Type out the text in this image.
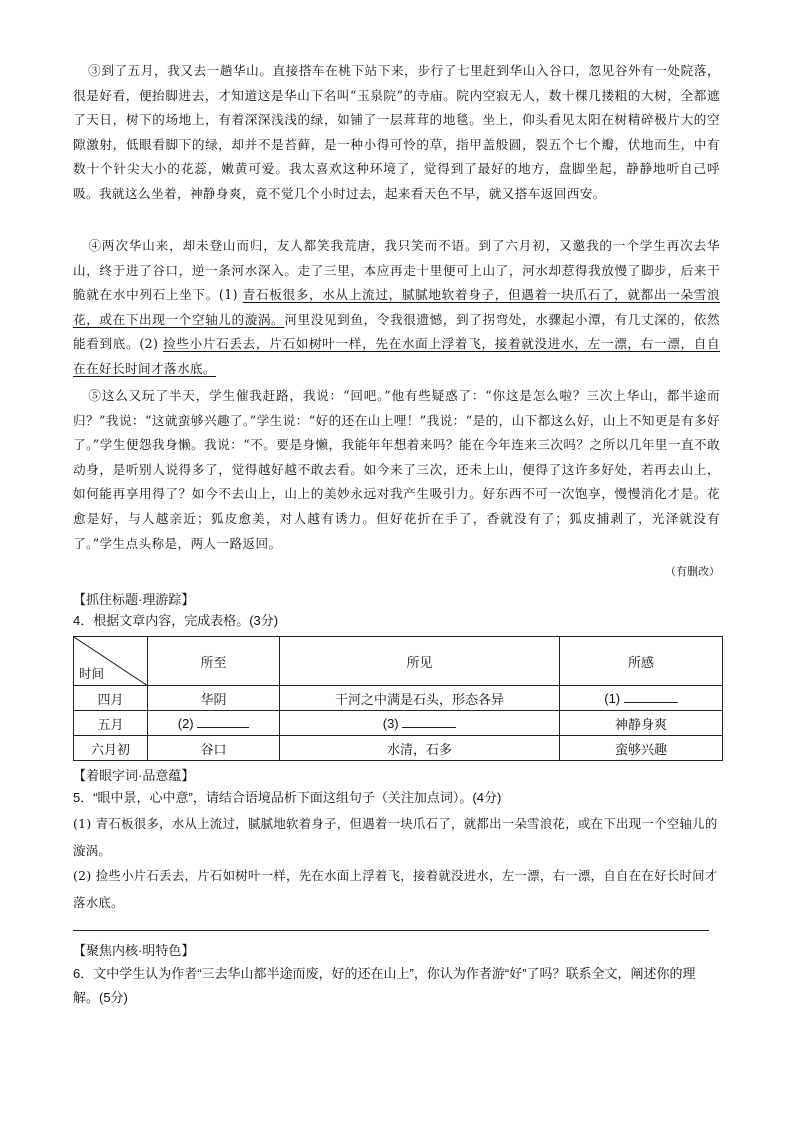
③到了五月，我又去一趟华山。直接搭车在桃下站下来，步行了七里赶到华山入谷口，忽见谷外有一处院落，很是好看，便抬脚进去，才知道这是华山下名叫“玉泉院”的寺庙。院内空寂无人，数十棵几搂粗的大树，全都遮了天日，树下的场地上，有着深深浅浅的绿，如铺了一层茸茸的地毯。坐上，仰头看见太阳在树精碎极片大的空隙激射，低眼看脚下的绿，却并不是苔藓，是一种小得可怜的草，指甲盖般圆，裂五个七个瓣，伏地而生，中有数十个针尖大小的花蕊，嫩黄可爱。我太喜欢这种环境了，觉得到了最好的地方，盘脚坐起，静静地听自己呼吸。我就这么坐着，神静身爽，竟不觉几个小时过去，起来看天色不早，就又搭车返回西安。

④两次华山来，却未登山而归，友人都笑我荒唐，我只笑而不语。到了六月初，又邀我的一个学生再次去华山，终于进了谷口，逆一条河水深入。走了三里，本应再走十里便可上山了，河水却惹得我放慢了脚步，后来干脆就在水中列石上坐下。(1) 青石板很多，水从上流过，腻腻地软着身子，但遇着一块爪石了，就都出一朵雪浪花，或在下出现一个空轴儿的漩涡。河里没见到鱼，令我很遗憾，到了拐弯处，水骤起小潭，有几丈深的，依然能看到底。(2) 捡些小片石丢去，片石如树叶一样，先在水面上浮着飞，接着就没进水，左一漂，右一漂，自自在在好长时间才落水底。

⑤这么又玩了半天，学生催我赶路，我说：“回吧。”他有些疑惑了：“你这是怎么啦？三次上华山，都半途而归？”我说：“这就蛮够兴趣了。”学生说：“好的还在山上哩！”我说：“是的，山下都这么好，山上不知更是有多好了。”学生便怨我身懒。我说：“不。要是身懒，我能年年想着来吗？能在今年连来三次吗？之所以几年里一直不敢动身，是听别人说得多了，觉得越好越不敢去看。如今来了三次，还未上山，便得了这许多好处，若再去山上，如何能再享用得了？如今不去山上，山上的美妙永远对我产生吸引力。好东西不可一次饱享，慢慢消化才是。花愈是好，与人越亲近；狐皮愈美，对人越有诱力。但好花折在手了，香就没有了；狐皮捕剥了，光泽就没有了。”学生点头称是，两人一路返回。

（有删改）
【抓住标题·理游踪】
4．根据文章内容，完成表格。(3分)
时间	所至	所见	所感
四月	华阴	干河之中满是石头，形态各异	(1)
五月	(2)	(3)	神静身爽
六月初	谷口	水清，石多	蛮够兴趣
【着眼字词·品意蕴】
5．“眼中景，心中意”，请结合语境品析下面这组句子（关注加点词）。(4分)
(1) 青石板很多，水从上流过，腻腻地软着身子，但遇着一块爪石了，就都出一朵雪浪花，或在下出现一个空轴儿的漩涡。
(2) 捡些小片石丢去，片石如树叶一样，先在水面上浮着飞，接着就没进水，左一漂，右一漂，自自在在好长时间才落水底。
【聚焦内核·明特色】
6．文中学生认为作者“三去华山都半途而废，好的还在山上”，你认为作者游“好”了吗？联系全文，阐述你的理解。(5分)
